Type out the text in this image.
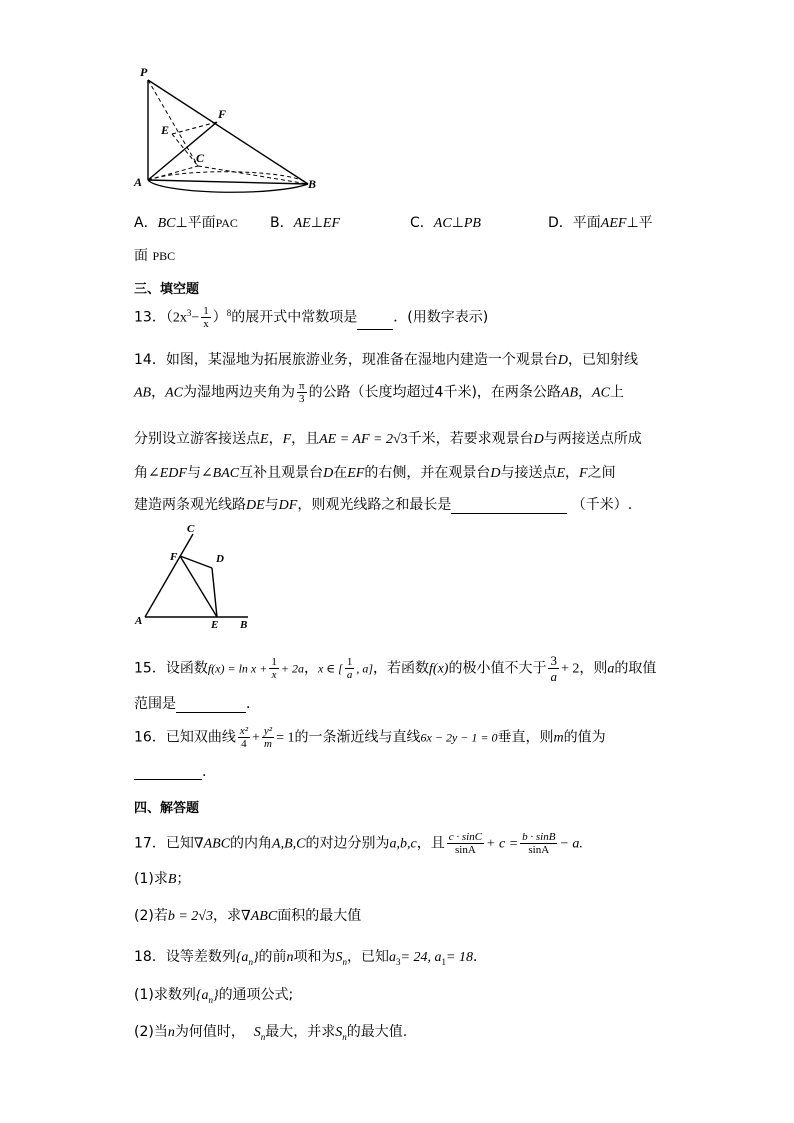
P
F
E
C
A	B
A．BC⊥平面PAC B．AE⊥EF	C．AC⊥PB	D．平面AEF⊥平
面 PBC
三、填空题
13．$(2x^3- \frac{1}{x} )^8$的展开式中常数项是	．(用数字表示)
14．如图，某湿地为拓展旅游业务，现准备在湿地内建造一个观景台D，已知射线
AB，AC为湿地两边夹角为 $\frac{\pi}{3}$ 的公路（长度均超过4千米)，在两条公路AB，AC上
分别设立游客接送点E，F，且AE = AF = 2√3千米，若要求观景台D与两接送点所成
角∠EDF与∠BAC互补且观景台D在EF的右侧，并在观景台D与接送点E，F之间
建造两条观光线路DE与DF，则观光线路之和最长是	（千米）.
C
F	D
A	E B
15．设函数$f(x) = \ln x + \frac{1}{x} + 2a$，x ∈ [ $\frac{1}{a}$ , a]，若函数f(x)的极小值不大于 $\frac{3}{a} + 2$，则a的取值
范围是	．
16．已知双曲线 $\frac{\text{x²}}{4} + \frac{\text{y²}}{m} = 1$的一条渐近线与直线6x − 2y − 1 = 0垂直，则m的值为
.
四、解答题
17．已知∇ABC的内角A,B,C的对边分别为a,b,c，且 $\frac{c \cdot \sin C}{\sin A} + c = \frac{b \cdot \sin B}{\sin A} - a$.
(1)求B；
(2)若b = 2√3，求∇ABC面积的最大值
18．设等差数列$\{a_n\}$的前n项和为$S_n$，已知$a_3= 24$, $a_1= 18$．
(1)求数列$\{a_n\}$的通项公式;
(2)当n为何值时， $S_n$最大，并求$S_n$的最大值.
